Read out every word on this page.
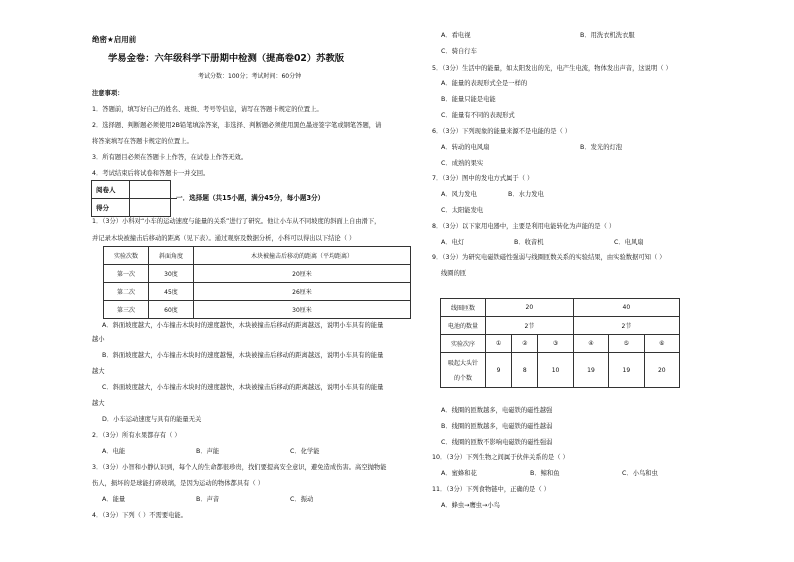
绝密★启用前
学易金卷：六年级科学下册期中检测（提高卷02）苏教版
考试分数：100分；考试时间：60分钟
注意事项：
1．答题前，填写好自己的姓名、班级、考号等信息，请写在答题卡规定的位置上。
2．选择题、判断题必须使用2B铅笔填涂答案，非选择、判断题必须使用黑色墨迹签字笔或钢笔答题，请
将答案填写在答题卡规定的位置上。
3．所有题目必须在答题卡上作答，在试卷上作答无效。
4．考试结束后将试卷和答题卡一并交回。
阅卷人	
得分	
一．选择题（共15小题，满分45分，每小题3分）
1．（3分）小科对“小车的运动速度与能量的关系”进行了研究。他让小车从不同坡度的斜面上自由滑下，
并记录木块被撞击后移动的距离（见下表）。通过观察及数据分析，小科可以得出以下结论（ ）
实验次数	斜面角度	木块被撞击后移动的距离（平均距离）
第一次	30度	20厘米
第二次	45度	26厘米
第三次	60度	30厘米
A．斜面坡度越大，小车撞击木块时的速度越快，木块被撞击后移动的距离越远，说明小车具有的能量
越小
B．斜面坡度越大，小车撞击木块时的速度越慢，木块被撞击后移动的距离越远，说明小车具有的能量
越大
C．斜面坡度越大，小车撞击木块时的速度越快，木块被撞击后移动的距离越远，说明小车具有的能量
越大
D．小车运动速度与具有的能量无关
2．（3分）所有水果都存有（ ）
A．电能	B．声能	C．化学能
3．（3分）小智和小静认识到，每个人的生命都很珍贵，找们要提高安全意识，避免造成伤害。高空抛物能
伤人，损坏的是球能打碎玻璃，是因为运动的物体都具有（ ）
A．能量	B．声音	C．振动
4．（3分）下列（ ）不需要电能。
A．看电视	B．用洗衣机洗衣服
C．骑自行车
5．（3分）生活中的能量，如太阳发出的光，电产生电流，物体发出声音，这说明（ ）
A．能量的表现形式全是一样的
B．能量只能是电能
C．能量有不同的表现形式
6．（3分）下列现象的能量来源不是电能的是（ ）
A．转动的电风扇	B．发光的灯泡
C．成熟的果实
7．（3分）图中的发电方式属于（ ）
A．风力发电	B．水力发电
C．太阳能发电
8．（3分）以下家用电器中，主要是利用电能转化为声能的是（ ）
A．电灯	B．收音机	C．电风扇
9．（3分）为研究电磁铁磁性强弱与线圈匝数关系的实验结果，由实验数据可知（ ）
线圈的匝
线圈匝数	20			40		
电池的数量	2节			2节		
实验次序	①	②	③	④	⑤	⑥

吸起大头针
的个数	9	8	10	19	19	20
A．线圈的匝数越多，电磁铁的磁性越强
B．线圈的匝数越多，电磁铁的磁性越弱
C．线圈的匝数不影响电磁铁的磁性强弱
10．（3分）下列生物之间属于伙伴关系的是（ ）
A．蜜蜂和花	B．鲸和鱼	C．小鸟和虫
11．（3分）下列食物链中，正确的是（ ）
A．蜂虫→鹰虫→小鸟
